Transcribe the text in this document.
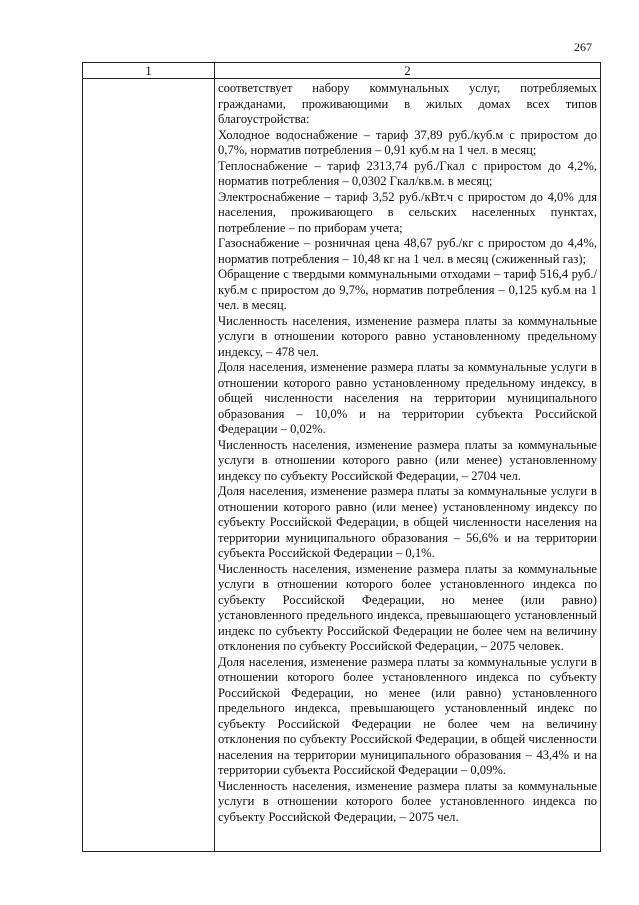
267
1	2

соответствует набору коммунальных услуг, потребляемых гражданами, проживающими в жилых домах всех типов благоустройства:

Холодное водоснабжение – тариф 37,89 руб./куб.м с приростом до 0,7%, норматив потребления – 0,91 куб.м на 1 чел. в месяц;

Теплоснабжение – тариф 2313,74 руб./Гкал с приростом до 4,2%, норматив потребления – 0,0302 Гкал/кв.м. в месяц;

Электроснабжение – тариф 3,52 руб./кВт.ч с приростом до 4,0% для населения, проживающего в сельских населенных пунктах, потребление – по приборам учета;

Газоснабжение – розничная цена 48,67 руб./кг с приростом до 4,4%, норматив потребления – 10,48 кг на 1 чел. в месяц (сжиженный газ);

Обращение с твердыми коммунальными отходами – тариф 516,4 руб./куб.м с приростом до 9,7%, норматив потребления – 0,125 куб.м на 1 чел. в месяц.

Численность населения, изменение размера платы за коммунальные услуги в отношении которого равно установленному предельному индексу, – 478 чел.

Доля населения, изменение размера платы за коммунальные услуги в отношении которого равно установленному предельному индексу, в общей численности населения на территории муниципального образования – 10,0% и на территории субъекта Российской Федерации – 0,02%.

Численность населения, изменение размера платы за коммунальные услуги в отношении которого равно (или менее) установленному индексу по субъекту Российской Федерации, – 2704 чел.

Доля населения, изменение размера платы за коммунальные услуги в отношении которого равно (или менее) установленному индексу по субъекту Российской Федерации, в общей численности населения на территории муниципального образования – 56,6% и на территории субъекта Российской Федерации – 0,1%.

Численность населения, изменение размера платы за коммунальные услуги в отношении которого более установленного индекса по субъекту Российской Федерации, но менее (или равно) установленного предельного индекса, превышающего установленный индекс по субъекту Российской Федерации не более чем на величину отклонения по субъекту Российской Федерации, – 2075 человек.

Доля населения, изменение размера платы за коммунальные услуги в отношении которого более установленного индекса по субъекту Российской Федерации, но менее (или равно) установленного предельного индекса, превышающего установленный индекс по субъекту Российской Федерации не более чем на величину отклонения по субъекту Российской Федерации, в общей численности населения на территории муниципального образования – 43,4% и на территории субъекта Российской Федерации – 0,09%.

Численность населения, изменение размера платы за коммунальные услуги в отношении которого более установленного индекса по субъекту Российской Федерации, – 2075 чел.
